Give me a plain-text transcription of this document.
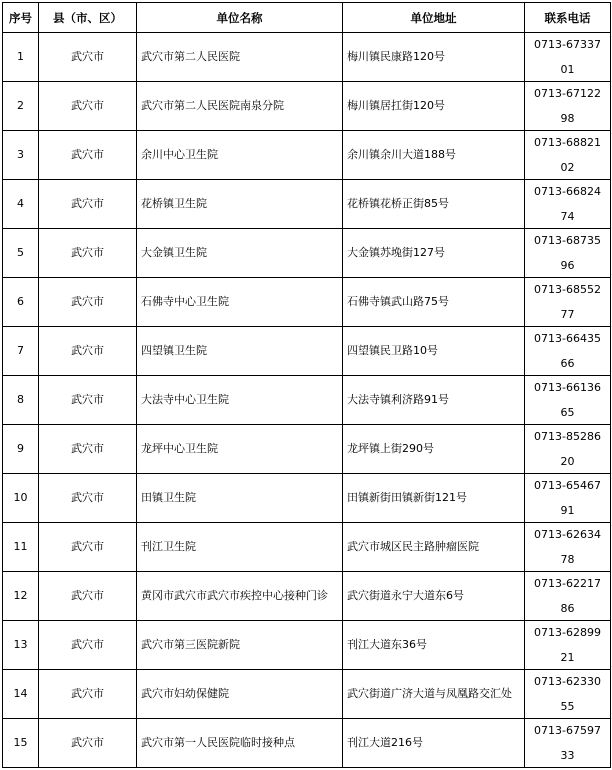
序号	县（市、区）	单位名称	单位地址	联系电话
1	武穴市	武穴市第二人民医院	梅川镇民康路120号	0713-67337
01

2	武穴市	武穴市第二人民医院南泉分院	梅川镇居扛街120号	0713-67122
98

3	武穴市	余川中心卫生院	余川镇余川大道188号	0713-68821
02

4	武穴市	花桥镇卫生院	花桥镇花桥正街85号	0713-66824
74

5	武穴市	大金镇卫生院	大金镇苏堍街127号	0713-68735
96

6	武穴市	石佛寺中心卫生院	石佛寺镇武山路75号	0713-68552
77

7	武穴市	四望镇卫生院	四望镇民卫路10号	0713-66435
66

8	武穴市	大法寺中心卫生院	大法寺镇利济路91号	0713-66136
65

9	武穴市	龙坪中心卫生院	龙坪镇上街290号	0713-85286
20

10	武穴市	田镇卫生院	田镇新街田镇新街121号	0713-65467
91

11	武穴市	刊江卫生院	武穴市城区民主路肿瘤医院	0713-62634
78

12	武穴市	黄冈市武穴市武穴市疾控中心接种门诊	武穴街道永宁大道东6号	0713-62217
86

13	武穴市	武穴市第三医院新院	刊江大道东36号	0713-62899
21

14	武穴市	武穴市妇幼保健院	武穴街道广济大道与凤凰路交汇处	0713-62330
55

15	武穴市	武穴市第一人民医院临时接种点	刊江大道216号	0713-67597
33
